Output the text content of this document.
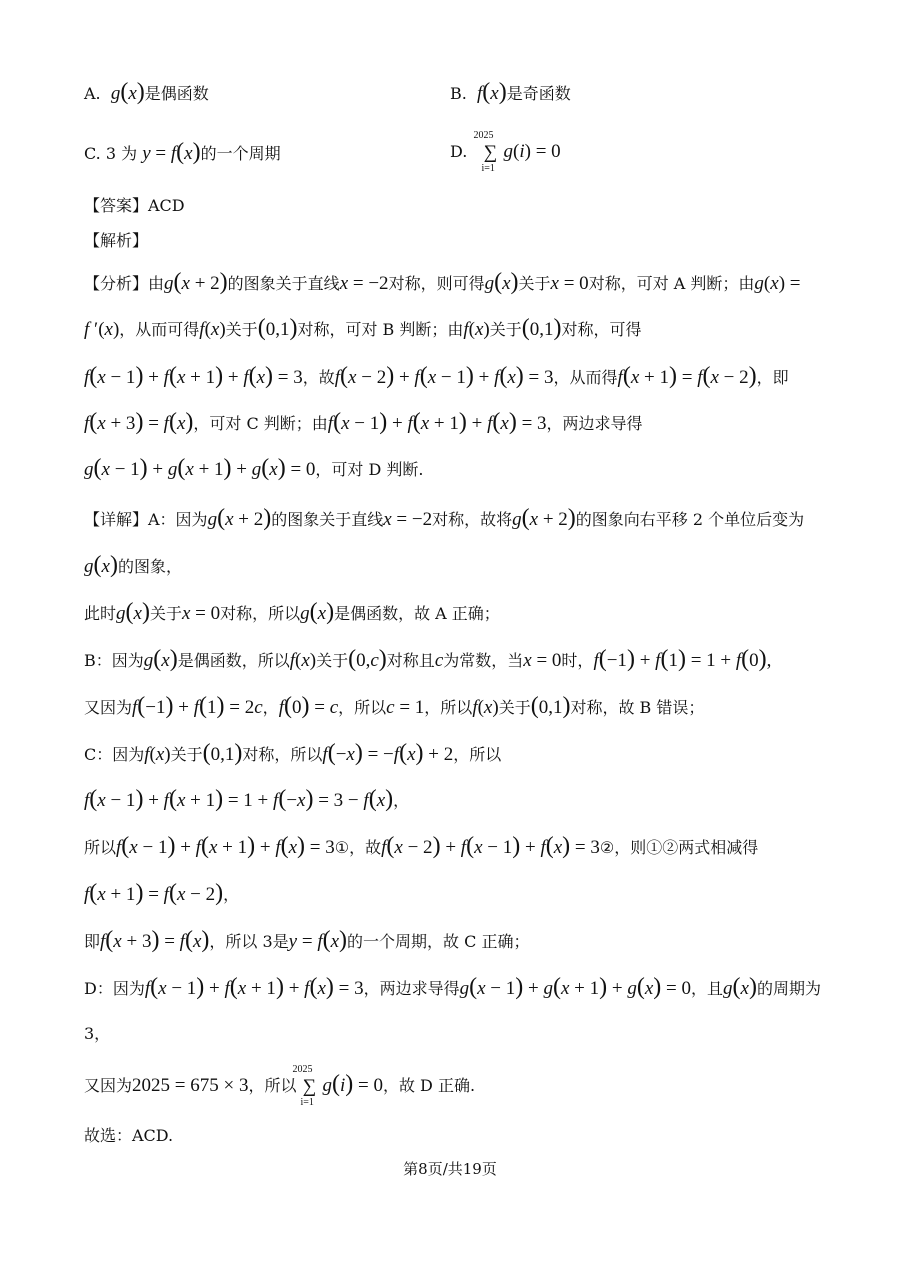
A. g(x)是偶函数	B. f(x)是奇函数
C. 3 为 y = f(x)的一个周期	D.
2025
∑
i=1
g(i) = 0
【答案】ACD
【解析】
【分析】由g(x + 2)的图象关于直线x = −2对称，则可得g(x)关于x = 0对称，可对 A 判断；由g(x) =
f ′(x)，从而可得f(x)关于(0,1)对称，可对 B 判断；由f(x)关于(0,1)对称，可得
f(x − 1) + f(x + 1) + f(x) = 3，故f(x − 2) + f(x − 1) + f(x) = 3，从而得f(x + 1) = f(x − 2)，即
f(x + 3) = f(x)，可对 C 判断；由f(x − 1) + f(x + 1) + f(x) = 3，两边求导得
g(x − 1) + g(x + 1) + g(x) = 0，可对 D 判断.
【详解】A：因为g(x + 2)的图象关于直线x = −2对称，故将g(x + 2)的图象向右平移 2 个单位后变为
g(x)的图象，
此时g(x)关于x = 0对称，所以g(x)是偶函数，故 A 正确；
B：因为g(x)是偶函数，所以f(x)关于(0,c)对称且c为常数，当x = 0时，f(−1) + f(1) = 1 + f(0),
又因为f(−1) + f(1) = 2c，f(0) = c，所以c = 1，所以f(x)关于(0,1)对称，故 B 错误；
C：因为f(x)关于(0,1)对称，所以f(−x) = −f(x) + 2，所以
f(x − 1) + f(x + 1) = 1 + f(−x) = 3 − f(x)，
所以f(x − 1) + f(x + 1) + f(x) = 3①，故f(x − 2) + f(x − 1) + f(x) = 3②，则①②两式相减得
f(x + 1) = f(x − 2)，
即f(x + 3) = f(x)，所以 3是y = f(x)的一个周期，故 C 正确；
D：因为f(x − 1) + f(x + 1) + f(x) = 3，两边求导得g(x − 1) + g(x + 1) + g(x) = 0，且g(x)的周期为
3，
又因为2025 = 675 × 3，所以
2025
∑
i=1
g(i) = 0，故 D 正确.
故选：ACD.
第8页/共19页
